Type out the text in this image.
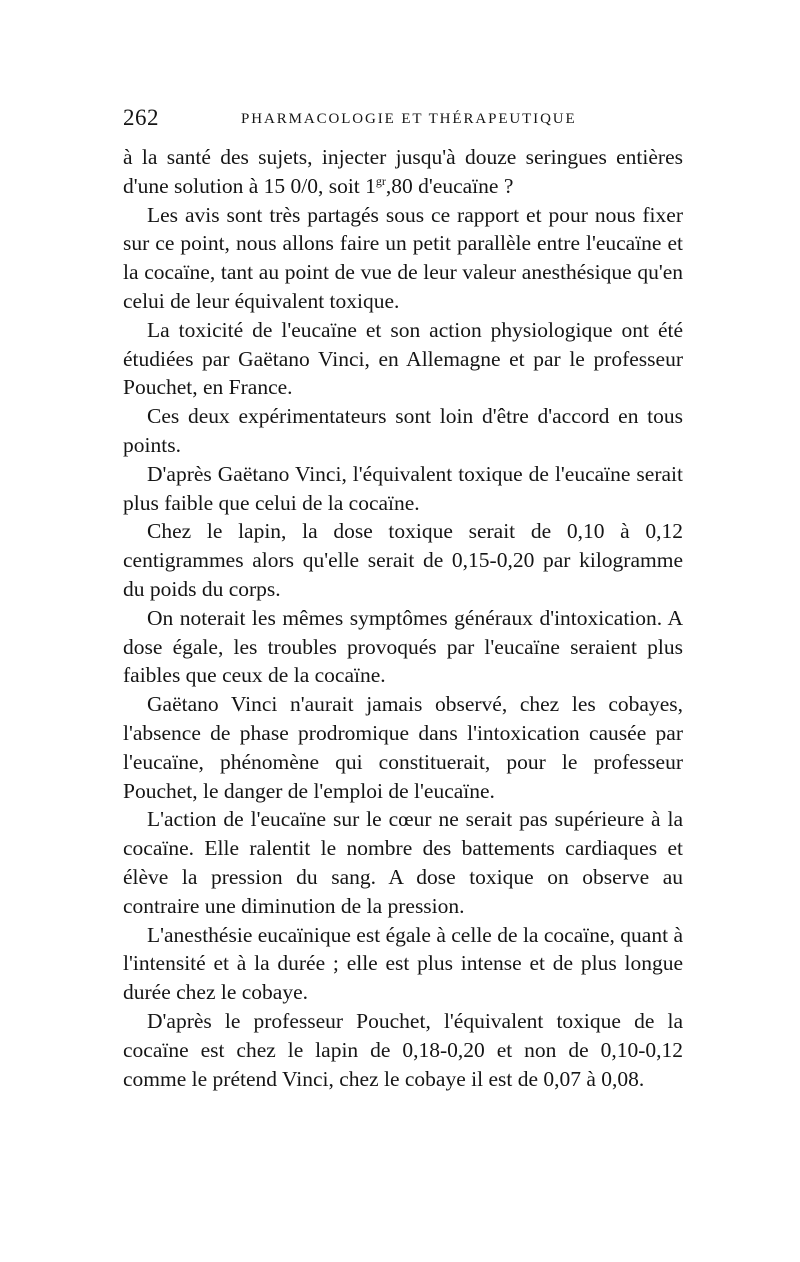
262	PHARMACOLOGIE ET THÉRAPEUTIQUE

à la santé des sujets, injecter jusqu'à douze seringues entières d'une solution à 15 0/0, soit $1^{gr},80$ d'eucaïne ?

Les avis sont très partagés sous ce rapport et pour nous fixer sur ce point, nous allons faire un petit parallèle entre l'eucaïne et la cocaïne, tant au point de vue de leur valeur anesthésique qu'en celui de leur équivalent toxique.

La toxicité de l'eucaïne et son action physiologique ont été étudiées par Gaëtano Vinci, en Allemagne et par le professeur Pouchet, en France.

Ces deux expérimentateurs sont loin d'être d'accord en tous points.

D'après Gaëtano Vinci, l'équivalent toxique de l'eucaïne serait plus faible que celui de la cocaïne.

Chez le lapin, la dose toxique serait de 0,10 à 0,12 centigrammes alors qu'elle serait de 0,15-0,20 par kilogramme du poids du corps.

On noterait les mêmes symptômes généraux d'intoxication. A dose égale, les troubles provoqués par l'eucaïne seraient plus faibles que ceux de la cocaïne.

Gaëtano Vinci n'aurait jamais observé, chez les cobayes, l'absence de phase prodromique dans l'intoxication causée par l'eucaïne, phénomène qui constituerait, pour le professeur Pouchet, le danger de l'emploi de l'eucaïne.

L'action de l'eucaïne sur le cœur ne serait pas supérieure à la cocaïne. Elle ralentit le nombre des battements cardiaques et élève la pression du sang. A dose toxique on observe au contraire une diminution de la pression.

L'anesthésie eucaïnique est égale à celle de la cocaïne, quant à l'intensité et à la durée ; elle est plus intense et de plus longue durée chez le cobaye.

D'après le professeur Pouchet, l'équivalent toxique de la cocaïne est chez le lapin de 0,18-0,20 et non de 0,10-0,12 comme le prétend Vinci, chez le cobaye il est de 0,07 à 0,08.
